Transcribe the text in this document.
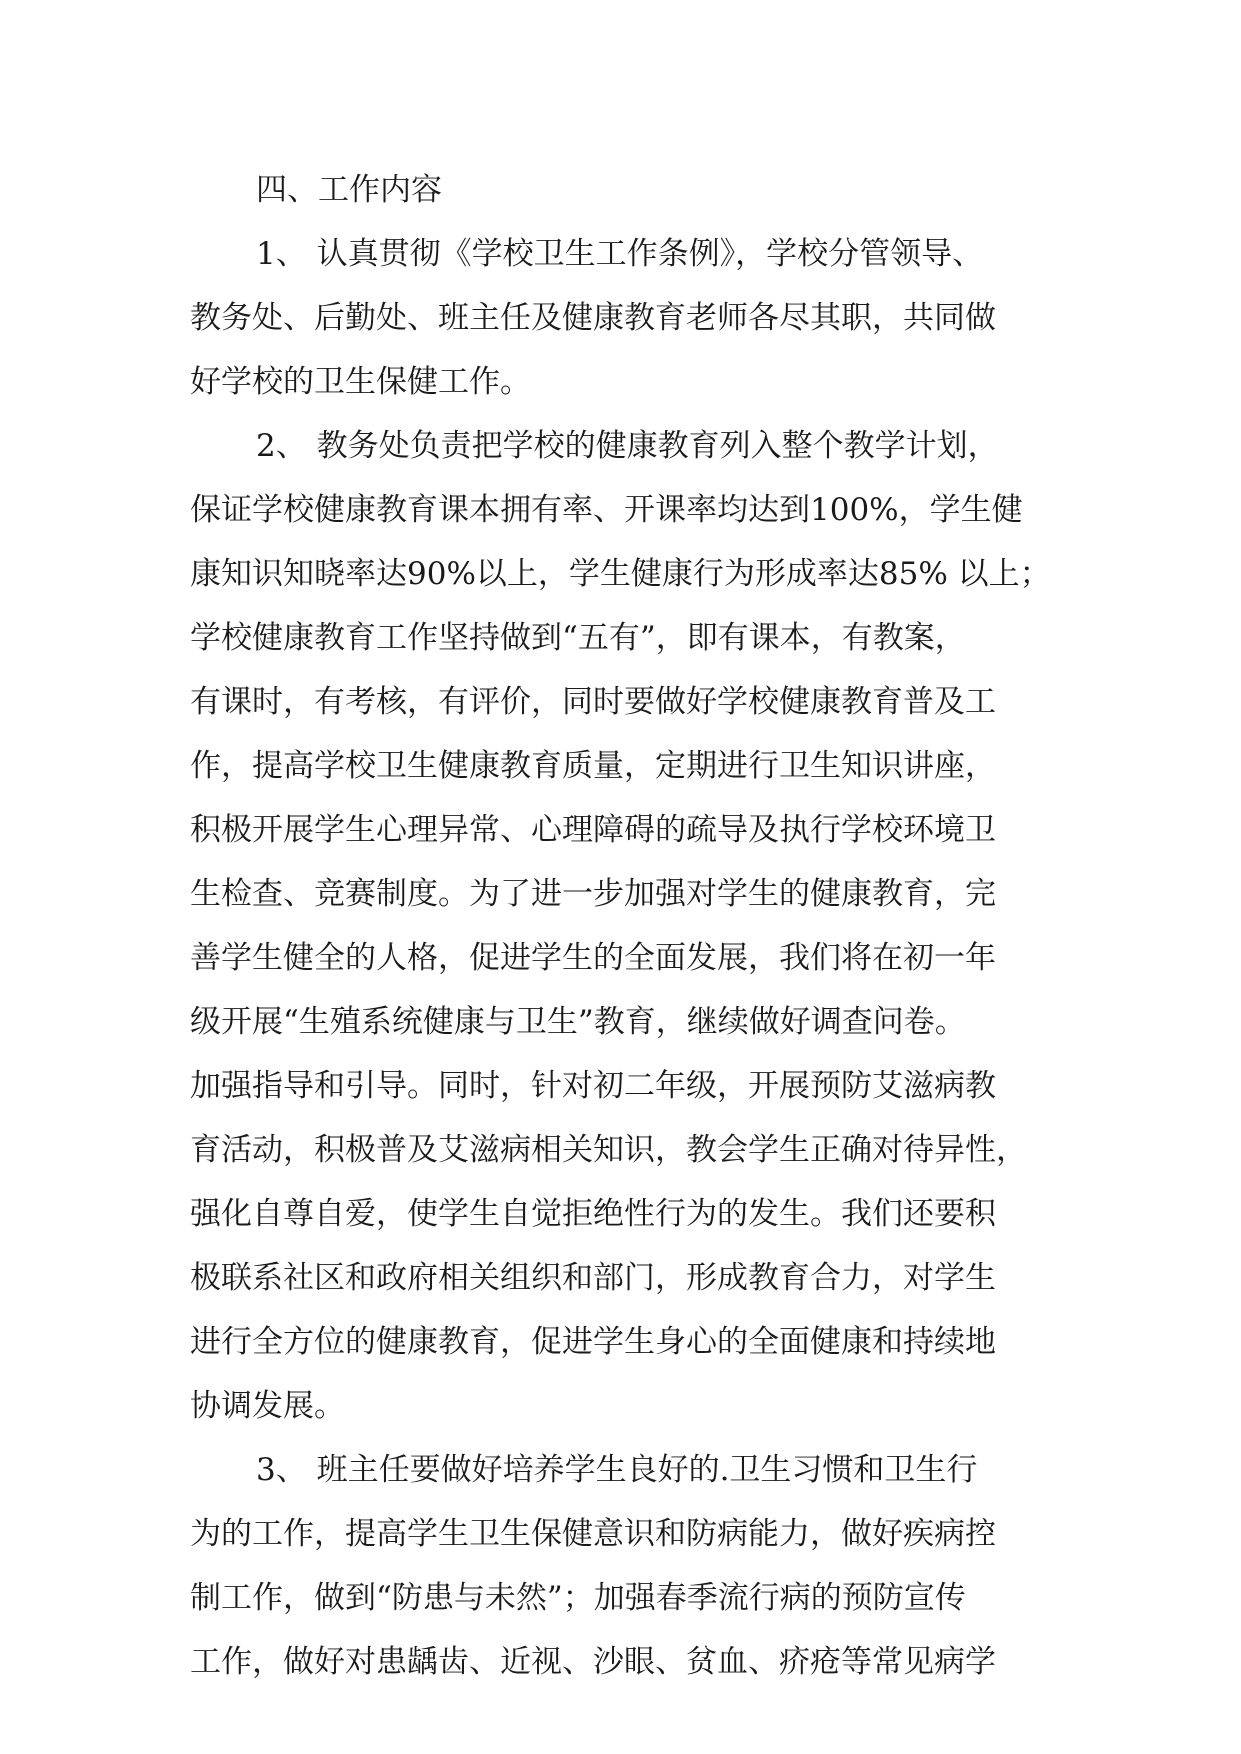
四、工作内容
1、 认真贯彻《学校卫生工作条例》，学校分管领导、
教务处、后勤处、班主任及健康教育老师各尽其职，共同做
好学校的卫生保健工作。
2、 教务处负责把学校的健康教育列入整个教学计划，
保证学校健康教育课本拥有率、开课率均达到100%，学生健
康知识知晓率达90%以上，学生健康行为形成率达85% 以上；
学校健康教育工作坚持做到“五有”，即有课本，有教案，
有课时，有考核，有评价，同时要做好学校健康教育普及工
作，提高学校卫生健康教育质量，定期进行卫生知识讲座，
积极开展学生心理异常、心理障碍的疏导及执行学校环境卫
生检查、竞赛制度。为了进一步加强对学生的健康教育，完
善学生健全的人格，促进学生的全面发展，我们将在初一年
级开展“生殖系统健康与卫生”教育，继续做好调查问卷。
加强指导和引导。同时，针对初二年级，开展预防艾滋病教
育活动，积极普及艾滋病相关知识，教会学生正确对待异性，
强化自尊自爱，使学生自觉拒绝性行为的发生。我们还要积
极联系社区和政府相关组织和部门，形成教育合力，对学生
进行全方位的健康教育，促进学生身心的全面健康和持续地
协调发展。
3、 班主任要做好培养学生良好的.卫生习惯和卫生行
为的工作，提高学生卫生保健意识和防病能力，做好疾病控
制工作，做到“防患与未然”；加强春季流行病的预防宣传
工作，做好对患龋齿、近视、沙眼、贫血、疥疮等常见病学
